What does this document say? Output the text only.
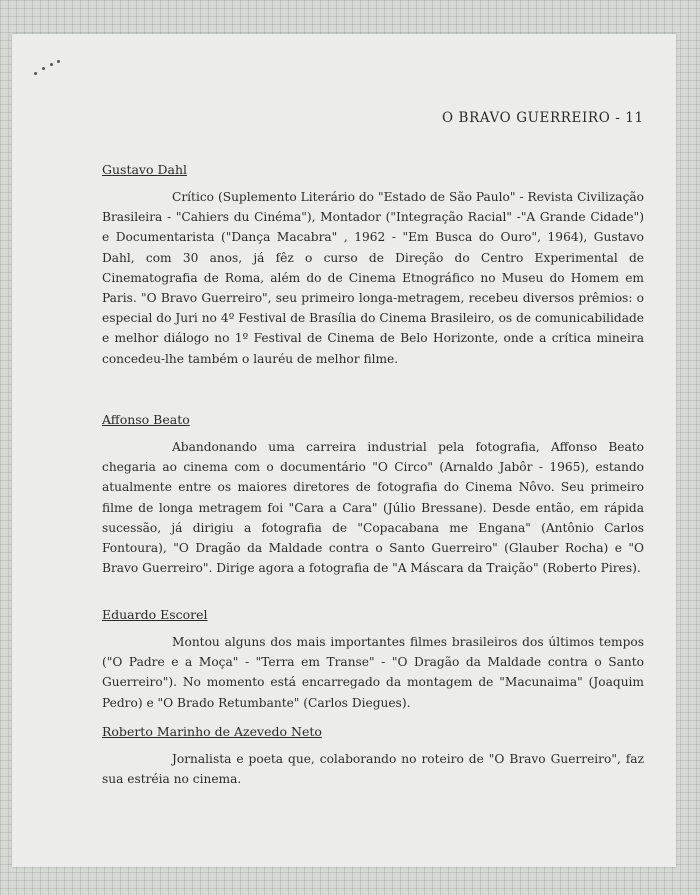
O BRAVO GUERREIRO - 11
Gustavo Dahl

Crítico (Suplemento Literário do "Estado de São Paulo" - Revista Civilização Brasileira - "Cahiers du Cinéma"), Montador ("Integração Racial" -"A Grande Cidade") e Documentarista ("Dança Macabra" , 1962 - "Em Busca do Ouro", 1964), Gustavo Dahl, com 30 anos, já fêz o curso de Direção do Centro Experimental de Cinematografia de Roma, além do de Cinema Etnográfico no Museu do Homem em Paris. "O Bravo Guerreiro", seu primeiro longa-metragem, recebeu diversos prêmios: o especial do Juri no 4º Festival de Brasília do Cinema Brasileiro, os de comunicabilidade e melhor diálogo no 1º Festival de Cinema de Belo Horizonte, onde a crítica mineira concedeu-lhe também o lauréu de melhor filme.

Affonso Beato

Abandonando uma carreira industrial pela fotografia, Affonso Beato chegaria ao cinema com o documentário "O Circo" (Arnaldo Jabôr - 1965), estando atualmente entre os maiores diretores de fotografia do Cinema Nôvo. Seu primeiro filme de longa metragem foi "Cara a Cara" (Júlio Bressane). Desde então, em rápida sucessão, já dirigiu a fotografia de "Copacabana me Engana" (Antônio Carlos Fontoura), "O Dragão da Maldade contra o Santo Guerreiro" (Glauber Rocha) e "O Bravo Guerreiro". Dirige agora a fotografia de "A Máscara da Traição" (Roberto Pires).

Eduardo Escorel

Montou alguns dos mais importantes filmes brasileiros dos últimos tempos ("O Padre e a Moça" - "Terra em Transe" - "O Dragão da Maldade contra o Santo Guerreiro"). No momento está encarregado da montagem de "Macunaima" (Joaquim Pedro) e "O Brado Retumbante" (Carlos Diegues).

Roberto Marinho de Azevedo Neto

Jornalista e poeta que, colaborando no roteiro de "O Bravo Guerreiro", faz sua estréia no cinema.
